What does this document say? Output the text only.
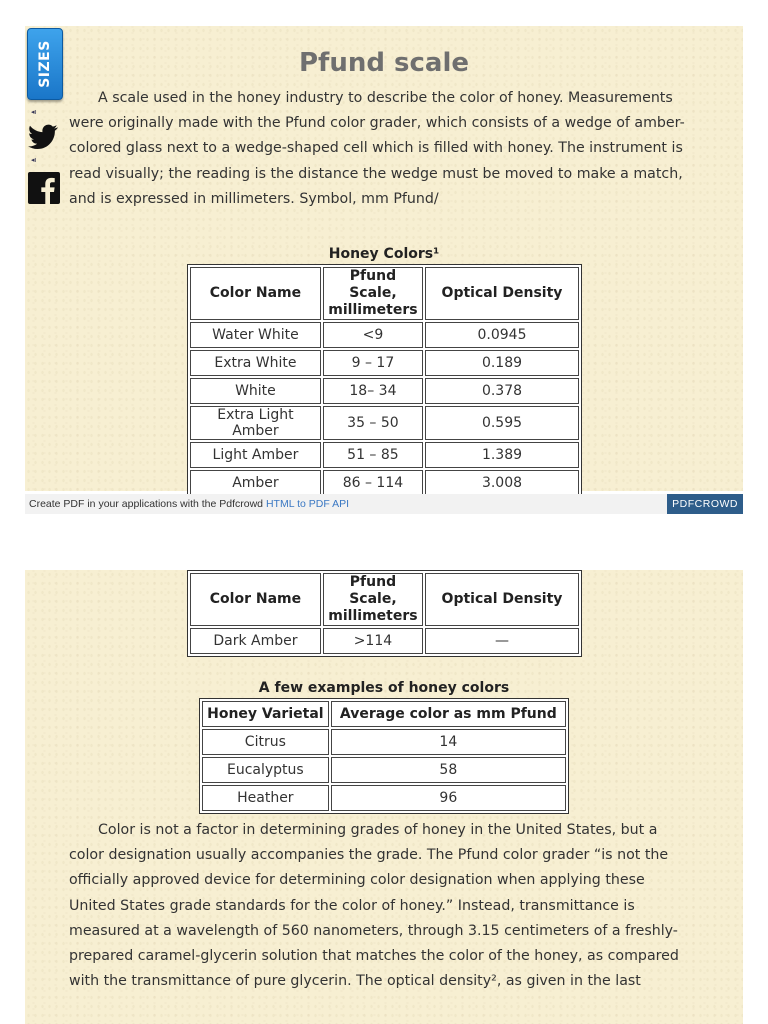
SIZES
◂ı
◂ı
Pfund scale

A scale used in the honey industry to describe the color of honey. Measurements were originally made with the Pfund color grader, which consists of a wedge of amber-colored glass next to a wedge-shaped cell which is filled with honey. The instrument is read visually; the reading is the distance the wedge must be moved to make a match, and is expressed in millimeters. Symbol, mm Pfund/

Honey Colors¹
Color Name	Pfund Scale, millimeters	Optical Density
Water White	<9	0.0945
Extra White	9 – 17	0.189
White	18– 34	0.378
Extra Light Amber	35 – 50	0.595
Light Amber	51 – 85	1.389
Amber	86 – 114	3.008

Create PDF in your applications with the Pdfcrowd HTML to PDF API	PDFCROWD
Color Name	Pfund Scale, millimeters	Optical Density
Dark Amber	>114	—
A few examples of honey colors
Honey Varietal	Average color as mm Pfund
Citrus	14
Eucalyptus	58
Heather	96

Color is not a factor in determining grades of honey in the United States, but a color designation usually accompanies the grade. The Pfund color grader “is not the officially approved device for determining color designation when applying these United States grade standards for the color of honey.” Instead, transmittance is measured at a wavelength of 560 nanometers, through 3.15 centimeters of a freshly-prepared caramel-glycerin solution that matches the color of the honey, as compared with the transmittance of pure glycerin. The optical density², as given in the last
